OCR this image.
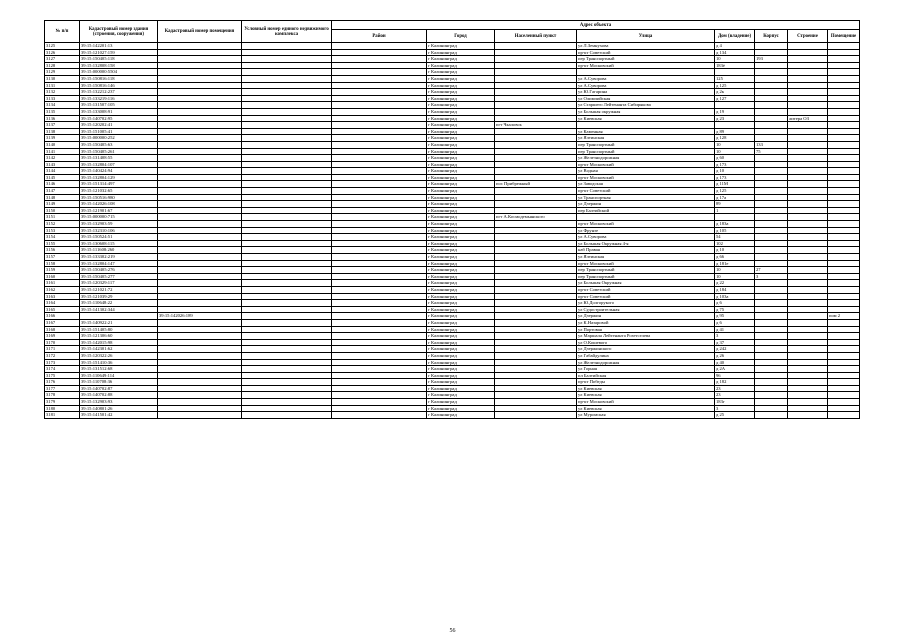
№ п/п	Кадастровый номер здания (строения, сооружения)	Кадастровый номер помещения	Условный номер единого недвижимого комплекса	Адрес объекта							
				Район	Город	Населенный пункт	Улица	Дом (владение)	Корпус	Строение	Помещение
3125	39:15:142201:13				г Калининград		ул Л.Земнухова	д 4			
3126	39:15:121027:159				г Калининград		пр-кт Советский	д 134			
3127	39:15:150405:118				г Калининград		пер Транспортный	10	193		
3128	39:15:132808:158				г Калининград		пр-кт Московский	183ё			
3129	39:15:000000:5504				г Калининград						
3130	39:15:150816:118				г Калининград		ул А.Суворова	125			
3131	39:15:150816:146				г Калининград		ул А.Суворова	д 125			
3132	39:15:132212:237				г Калининград		ул Ю.Гагарина	д 2к			
3133	39:15:133219:116				г Калининград		ул Олимпийская	д 127			
3134	39:15:131507:105				г Калининград		ул Старшего Лейтенанта Сибиряковa				
3135	39:15:133008:91				г Калининград		ул Большая окружная	д 19			
3136	39:15:140702:95				г Калининград		ул Киевская	д 23		литера ОЗ	
3137	39:15:120202:41				г Калининград	пгт Чкаловск					
3138	39:15:151005:41				г Калининград		ул Каменная	д 89			
3139	39:15:000000:252				г Калининград		ул Ялтинская	д 128			
3140	39:15:150405:63				г Калининград		пер Транспортный	10	133		
3141	39:15:150405:261				г Калининград		пер Транспортный	10	75		
3142	39:15:131408:55				г Калининград		ул Железнодорожная	д 60			
3143	39:15:132804:107				г Калининград		пр-кт Московский	д 173			
3144	39:15:140424:94				г Калининград		ул Водная	д 10			
3145	39:15:132804:129				г Калининград		пр-кт Московский	д 173			
3146	39:15:151314:497				г Калининград	пос Прибрежный	ул Заводская	д 11М			
3147	39:15:121032:65				г Калининград		пр-кт Советский	д 125			
3148	39:15:150516:980				г Калининград		ул Транспортная	д 17а			
3149	39:15:142026:108				г Калининград		ул Дзержин	89			
3150	39:15:121901:67				г Калининград		пер Балтийский	1			
3151	39:15:000000:715				г Калининград	пгт А.Космодемьянского					
3152	39:15:132903:59				г Калининград		пр-кт Московский	д 183а			
3153	39:15:132310:106				г Калининград		ул Фрунзе	д 105			
3154	39:15:150524:51				г Калининград		ул А.Суворова	54			
3155	39:15:130608:115				г Калининград		ул Большая Окружная 4-я	102			
3156	39:15:111608:260				г Калининград		наб Правая	д 10			
3157	39:15:133302:219				г Калининград		ул Ялтинская	д 66			
3158	39:15:132804:147				г Калининград		пр-кт Московский	д 181е			
3159	39:15:150405:276				г Калининград		пер Транспортный	10	27		
3160	39:15:150405:277				г Калининград		пер Транспортный	10	3		
3161	39:15:120329:117				г Калининград		ул Большая Окружная	д 22			
3162	39:15:121021:72				г Калининград		пр-кт Советский	д 184			
3163	39:15:121039:29				г Калининград		пр-кт Советский	д 103а			
3164	39:15:110648:22				г Калининград		ул Ю.Долгорукого	д 6			
3165	39:15:141302:344				г Калининград		ул Судостроительная	д 75			
3166		39:15:142026:189			г Калининград		ул Дзержин	д 95			пом 2
3167	39:15:140922:21				г Калининград		ул К.Назаровой	д 6			
3168	39:15:151405:80				г Калининград		ул Портовая	д 41			
3169	39:15:121306:60				г Калининград		ул Маршала Лейтенанта Розетселева	3			
3170	39:15:142015:98				г Калининград		ул О.Кошевого	д 37			
3171	39:15:142301:62				г Калининград		ул Дзержинского	д 242			
3172	39:15:120322:26				г Калининград		ул Габайдулина	д 26			
3173	39:15:151410:36				г Калининград		ул Железнодорожная	д 40			
3174	39:15:131512:68				г Калининград		ул Горная	д 2А			
3175	39:15:110649:114				г Калининград		пл Балтийская	96			
3176	39:15:110708:36				г Калининград		пр-кт Победы	д 182			
3177	39:15:140702:87				г Калининград		ул Киевская	23			
3178	39:15:140702:88				г Калининград		ул Киевская	23			
3179	39:15:132903:93				г Калининград		пр-кт Московский	183г			
3180	39:15:140801:26				г Калининград		ул Киевская	3			
3181	39:15:141501:42				г Калининград		ул Муромская	д 25			
56
